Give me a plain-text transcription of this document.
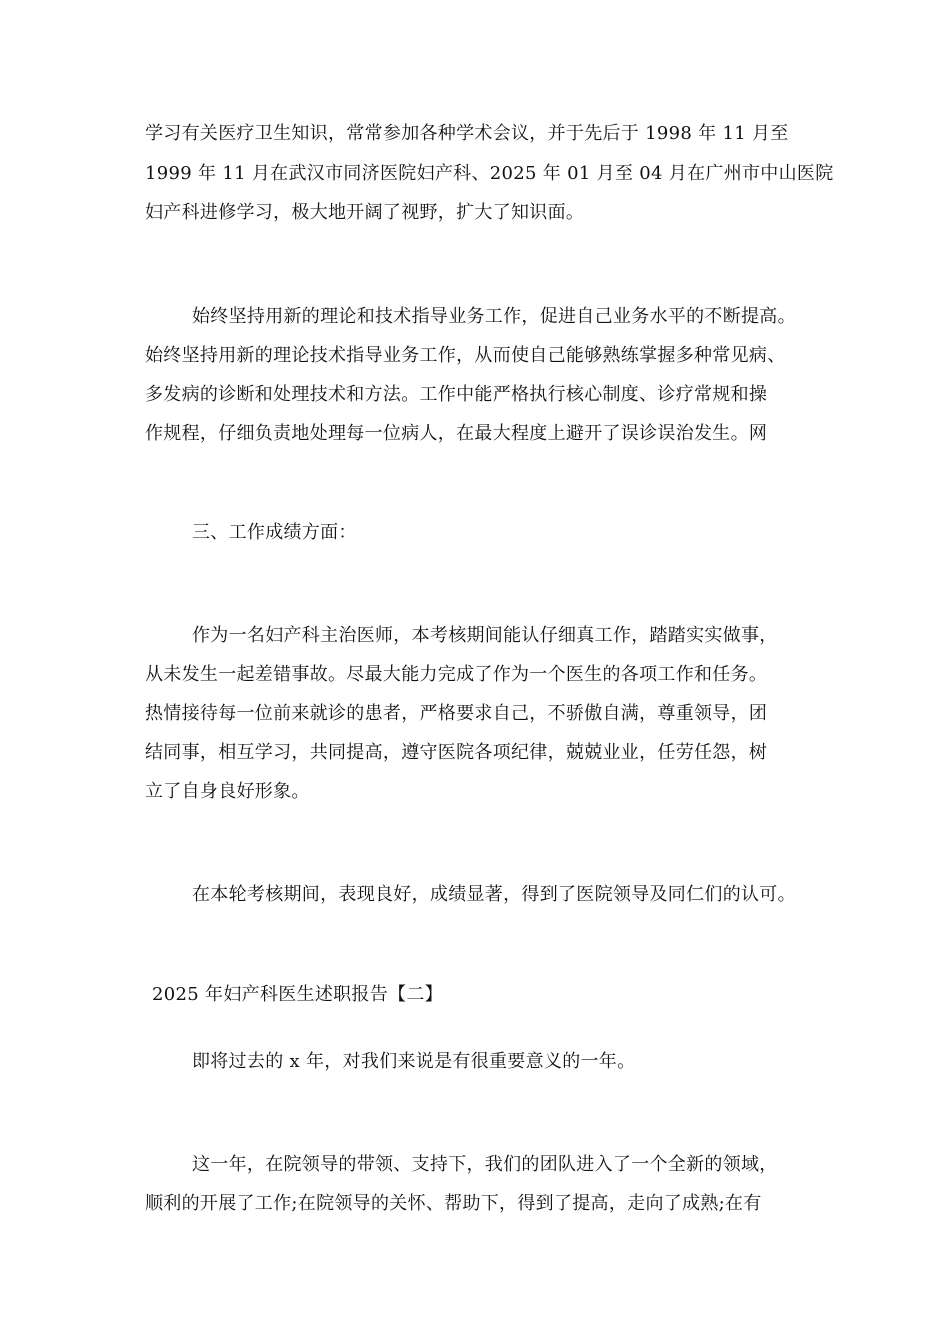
学习有关医疗卫生知识，常常参加各种学术会议，并于先后于 1998 年 11 月至
1999 年 11 月在武汉市同济医院妇产科、2025 年 01 月至 04 月在广州市中山医院
妇产科进修学习，极大地开阔了视野，扩大了知识面。
始终坚持用新的理论和技术指导业务工作，促进自己业务水平的不断提高。
始终坚持用新的理论技术指导业务工作，从而使自己能够熟练掌握多种常见病、
多发病的诊断和处理技术和方法。工作中能严格执行核心制度、诊疗常规和操
作规程，仔细负责地处理每一位病人，在最大程度上避开了误诊误治发生。网
三、工作成绩方面：
作为一名妇产科主治医师，本考核期间能认仔细真工作，踏踏实实做事，
从未发生一起差错事故。尽最大能力完成了作为一个医生的各项工作和任务。
热情接待每一位前来就诊的患者，严格要求自己，不骄傲自满，尊重领导，团
结同事，相互学习，共同提高，遵守医院各项纪律，兢兢业业，任劳任怨，树
立了自身良好形象。
在本轮考核期间，表现良好，成绩显著，得到了医院领导及同仁们的认可。
2025 年妇产科医生述职报告【二】
即将过去的 x 年，对我们来说是有很重要意义的一年。
这一年，在院领导的带领、支持下，我们的团队进入了一个全新的领域，
顺利的开展了工作;在院领导的关怀、帮助下，得到了提高，走向了成熟;在有
